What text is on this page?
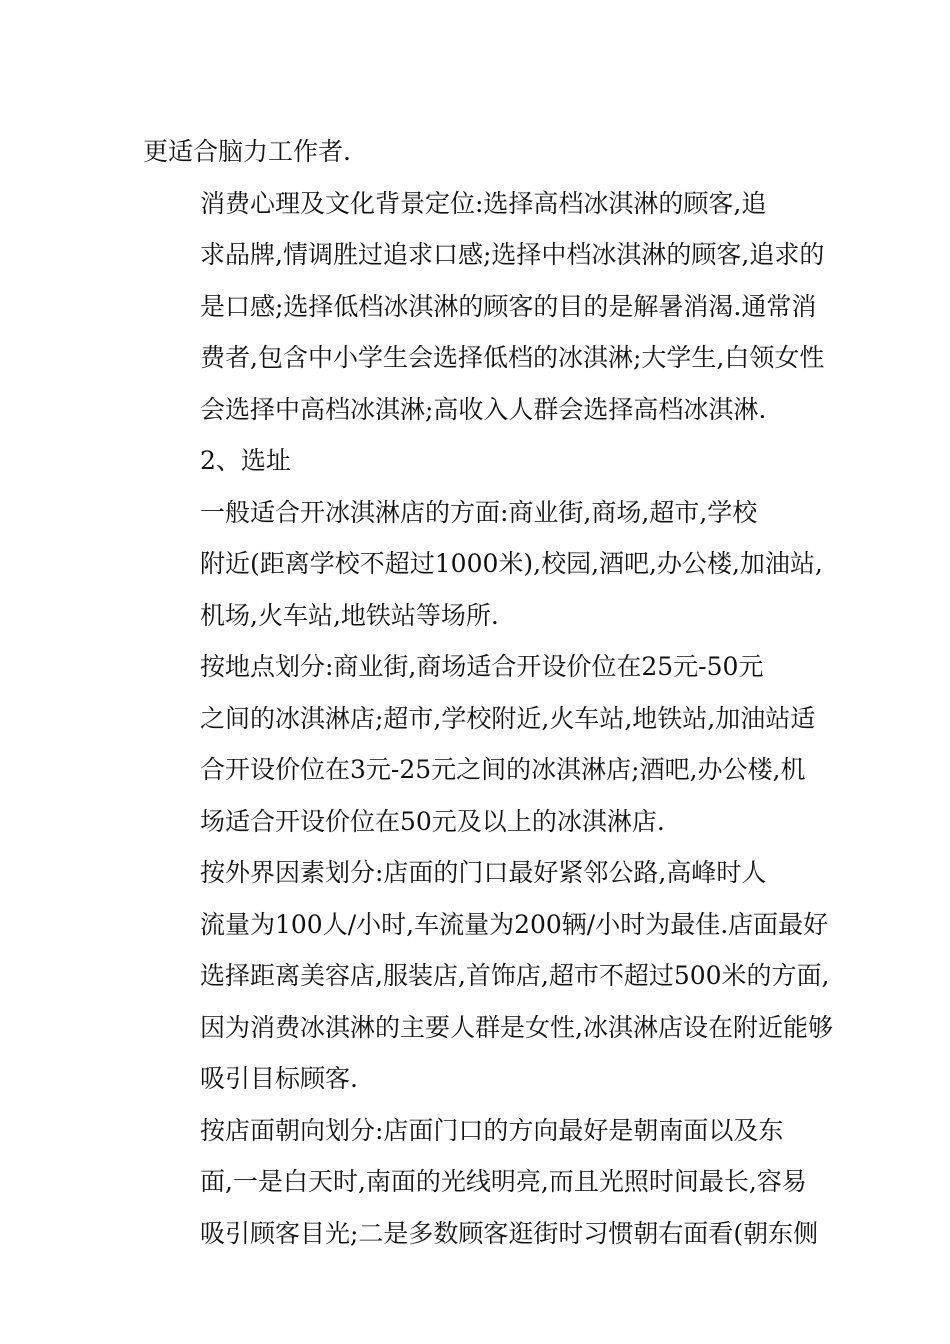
更适合脑力工作者.

消费心理及文化背景定位:选择高档冰淇淋的顾客,追
求品牌,情调胜过追求口感;选择中档冰淇淋的顾客,追求的
是口感;选择低档冰淇淋的顾客的目的是解暑消渴.通常消
费者,包含中小学生会选择低档的冰淇淋;大学生,白领女性
会选择中高档冰淇淋;高收入人群会选择高档冰淇淋.

2、选址

一般适合开冰淇淋店的方面:商业街,商场,超市,学校
附近(距离学校不超过1000米),校园,酒吧,办公楼,加油站,
机场,火车站,地铁站等场所.

按地点划分:商业街,商场适合开设价位在25元-50元
之间的冰淇淋店;超市,学校附近,火车站,地铁站,加油站适
合开设价位在3元-25元之间的冰淇淋店;酒吧,办公楼,机
场适合开设价位在50元及以上的冰淇淋店.

按外界因素划分:店面的门口最好紧邻公路,高峰时人
流量为100人/小时,车流量为200辆/小时为最佳.店面最好
选择距离美容店,服装店,首饰店,超市不超过500米的方面,
因为消费冰淇淋的主要人群是女性,冰淇淋店设在附近能够
吸引目标顾客.

按店面朝向划分:店面门口的方向最好是朝南面以及东
面,一是白天时,南面的光线明亮,而且光照时间最长,容易
吸引顾客目光;二是多数顾客逛街时习惯朝右面看(朝东侧
